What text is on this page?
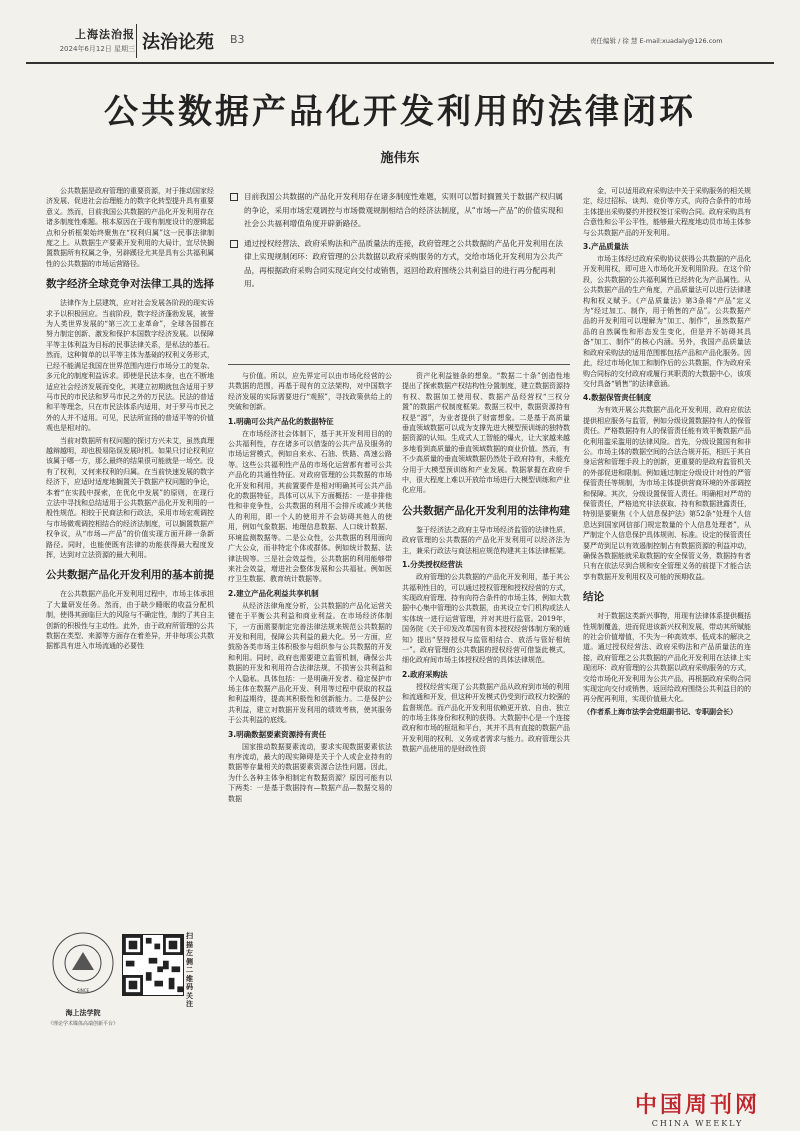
上海法治报
2024年6月12日 星期三 法治论苑 B3	责任编辑 / 徐 慧 E-mail:xuadaly@126.com
公共数据产品化开发利用的法律闭环
施伟东
目前我国公共数据的产品化开发利用存在诸多制度性难题，实则可以暂时搁置关于数据产权归属的争论，采用市场宏观调控与市场微观规制相结合的经济法制度，从“市场—产品”的价值实现和社会公共福利增值角度开辟新路径。
通过授权经营法、政府采购法和产品质量法的连接，政府管理之公共数据的产品化开发利用在法律上实现规制闭环：政府管理的公共数据以政府采购服务的方式，交给市场化开发利用为公共产品，再根据政府采购合同实现定向交付或销售，返回给政府围绕公共利益目的进行再分配再利用。

公共数据是政府管理的重要资源，对于推动国家经济发展、促进社会治理能力的数字化转型提升具有重要意义。然而，目前我国公共数据的产品化开发利用存在诸多制度性难题。根本原因在于现有制度设计的逻辑起点和分析框架始终聚焦在“权利归属”这一民事法律制度之上。从数据生产要素开发利用的大局计，宜尽快搁置数据所有权属之争，另辟蹊径尤其是具有公共福利属性的公共数据的市场运营路径。

数字经济全球竞争对法律工具的选择

法律作为上层建筑，应对社会发展各阶段的现实诉求予以积极回应。当前阶段，数字经济蓬勃发展，被誉为人类世界发展的“第三次工业革命”，全球各国都在努力制定创新、激发和保护本国数字经济发展。以保障平等主体利益为目标的民事法律关系，是私法的基石。然而，这种简单的以平等主体为基础的权利义务形式，已经不能满足我国在世界范围内进行市场分工的复杂、多元化的制度利益诉求。即使是民法本身，也在不断地适应社会经济发展而变化，其建立初期就包含适用于罗马市民的市民法和罗马市民之外的万民法。民法的普适和平等理念，只在市民法体系内适用，对于罗马市民之外的人并不适用。可见，民法所宣扬的普适平等的价值观也是相对的。

当前对数据所有权问题的探讨方兴未艾，虽然真理越辩越明，却也极易陷误发展时机。如果只讨论权利应该属于哪一方，那么最终的结果很可能就是一场空。没有了权利，又何来权利的归属。在当前快速发展的数字经济下，应适时适度地搁置关于数据产权问题的争论，本着“在实践中探索，在优化中发展”的原则，在现行立法中寻找和总结适用于公共数据产品化开发利用的一般性规范。相较于民商法和行政法，采用市场宏观调控与市场微观调控相结合的经济法制度，可以搁置数据产权争议，从“市场—产品”的价值实现方面开辟一条新路径。同时，也能使既有法律的功能获得最大程度发挥，达到对立法资源的最大利用。

公共数据产品化开发利用的基本前提

在公共数据产品化开发利用过程中，市场主体承担了大量研发任务。然而，由于缺少睡眠的收益分配机制，使得其面临巨大的风险与不确定性，制约了其自主创新的积极性与主动性。此外，由于政府所管理的公共数据在类型、来源等方面存在着差异，并非每项公共数据都具有进入市场流通的必要性

SINCE
海上法学院
《理论学术媒体高端创新平台》
扫描左侧二维码关注

与价值。所以，应先界定可以由市场化经营的公共数据的范围，再基于现有的立法架构，对中国数字经济发展的实际需要进行“观照”，寻找政策供给上的突破和创新。

1.明确可公共产品化的数据特征

在市场经济社会体制下，基于其开发利用目的的公共福利性，存在诸多可以借鉴的公共产品及服务的市场运营模式，例如自来水、石油、铁路、高速公路等。这些公共福利性产品的市场化运营都有着可公共产品化的共通性特征。对政府管理的公共数据的市场化开发和利用，其前置要件是相对明确其可公共产品化的数据特征，具体可以从下方面概括：一是非排他性和非竞争性，公共数据的利用不会排斥或减少其他人的利用，即一个人的使用并不会妨碍其他人的使用，例如气象数据、地理信息数据、人口统计数据、环境监测数据等。二是公众性，公共数据的利用面向广大公众，而非特定个体或群体。例如统计数据、法律法规等。三是社会效益性，公共数据的利用能够带来社会效益，增进社会整体发展和公共福祉。例如医疗卫生数据、教育统计数据等。

2.建立产品化利益共享机制

从经济法律角度分析，公共数据的产品化运营关键在于平衡公共利益和商业利益。在市场经济体制下，一方面需要制定完善法律法规来规范公共数据的开发和利用，保障公共利益的最大化。另一方面，应鼓励各类市场主体积极参与组织参与公共数据的开发和利用。同时，政府也需要建立监管机制，确保公共数据的开发和利用符合法律法规，不损害公共利益和个人隐私。具体包括：一是明确开发者、稳定保护市场主体在数据产品化开发、利用等过程中获取的权益和利益期待，提高其积极性和创新能力。二是保护公共利益，建立对数据开发利用的绩效考核，使其服务于公共利益的底线。

3.明确数据要素资源持有责任

国家推动数据要素流动，要求实现数据要素依法有序流动，最大的现实障碍是关于个人或企业持有的数据等存量相关的数据要素资源合法性问题。因此，为什么各种主体争相制定有数据资源？原因可能有以下两类：一是基于数据持有—数据产品—数据交易的数据

资产化利益链条的想象。“数据二十条”创造性地提出了探索数据产权结构性分置制度，建立数据资源持有权、数据加工使用权、数据产品经营权“三权分置”的数据产权制度框架。数据三权中，数据资源持有权是“源”，为业者提供了财富想象。二是基于高质量垂直领域数据可以成为支撑先进大模型预训练的独特数据资源的认知。生成式人工智能的爆火，让大家越来越多地看到高质量的垂直领域数据的商业价值。然而，有不少高质量的垂直领域数据仍然处于政府持有，未能充分用于大模型预训练和产业发展。数据掌握在政府手中，很大程度上难以开放给市场进行大模型训练和产业化应用。

公共数据产品化开发利用的法律构建

鉴于经济法之政府主导市场经济监管的法律性质，政府管理的公共数据的产品化开发利用可以经济法为主，兼采行政法与商法相应规范构建其主体法律框架。

1.分类授权经营法

政府管理的公共数据的产品化开发利用，基于其公共福利性目的，可以通过授权管理和授权经营的方式，实现政府管理、持有向符合条件的市场主体，例如大数据中心集中管理的公共数据，由其设立专门机构或法人实体统一进行运营管理，并对其进行监管。2019年，国务院《关于印发改革国有资本授权经营体制方案的通知》提出“坚持授权与监管相结合、放活与管好相统一”。政府管理的公共数据的授权经营可借鉴此模式，细化政府间市场主体授权经营的具体法律规范。

2.政府采购法

授权经营实现了公共数据产品从政府到市场的利用和流通和开发，但这种开发模式仍受到行政权力较强的监督规范。而产品化开发利用依赖更开放、自由、独立的市场主体身份和权利的获得。大数据中心是一个连接政府和市场的枢纽和平台，其并不具有直接的数据产品开发利用的权利、义务或者需求与能力。政府管理公共数据产品使用的是财政性资

金，可以适用政府采购法中关于采购服务的相关规定，经过招标、谈判、竞价等方式，向符合条件的市场主体提出采购要约并授权签订采购合同。政府采购具有合意性和公平公平性，能够最大程度地动员市场主体参与公共数据产品的开发利用。

3.产品质量法

市场主体经过政府采购协议获得公共数据的产品化开发利用权，即可进入市场化开发利用阶段。在这个阶段，公共数据的公共福利属性已经转化为产品属性。从公共数据产品的生产角度，产品质量法可以进行法律建构和权义赋予。《产品质量法》第3条将“产品”定义为“经过加工、制作，用于销售的产品”。公共数据产品的开发利用可以理解为“加工、制作”，虽然数据产品的自然属性和形态发生变化，但是并不妨碍其具备“加工、制作”的核心内涵。另外，我国产品质量法和政府采购法的适用范围都包括产品和产品化服务。因此，经过市场化加工和制作后的公共数据，作为政府采购合同标的交付政府或履行其职责的大数据中心，该项交付具备“销售”的法律意涵。

4.数据保管责任制度

为有效开展公共数据产品化开发利用，政府应依法提供相应服务与监管，例如分级设置数据持有人的保管责任。严格数据持有人的保管责任能有效平衡数据产品化利用滥采滥用的法律风险。首先，分级设置国有和非公。市场主体的数据空间的合法合规开拓，相匹于其自身运营和管理手段上的创新，更重要的是政府监管机关的外部促进和限制。例如通过制定分级设计对性的严管保管责任等规制，为市场主体提供营商环境的外部调控和保障。其次，分级设置保管人责任。明确相对严苛的保管责任，严格追究非法获取、持有和数据泄露责任，特别是要聚焦《个人信息保护法》第52条“处理个人信息达到国家网信部门规定数量的个人信息处理者”，从严制定个人信息保护具体规则、标准。设定的保管责任要严苛到足以有效遏制控制占有数据资源的利益冲动，确保各数据能就采取数据的安全保管义务，数据持有者只有在依法尽到合规和安全管理义务的前提下才能合法享有数据开发利用权及可能的预期收益。

结论

对于数据这类新兴事物，用现有法律体系提供概括性规制覆盖，进而促进该新兴权利发展，带动其所赋能的社会价值增值，不失为一种高效率、低成本的解决之道。通过授权经营法、政府采购法和产品质量法的连接，政府管理之公共数据的产品化开发利用在法律上实现闭环：政府管理的公共数据以政府采购服务的方式，交给市场化开发利用为公共产品，再根据政府采购合同实现定向交付或销售，返回给政府围绕公共利益目的的再分配再利用，实现价值最大化。

（作者系上海市法学会党组副书记、专职副会长）

中国周刊网
CHINA WEEKLY
